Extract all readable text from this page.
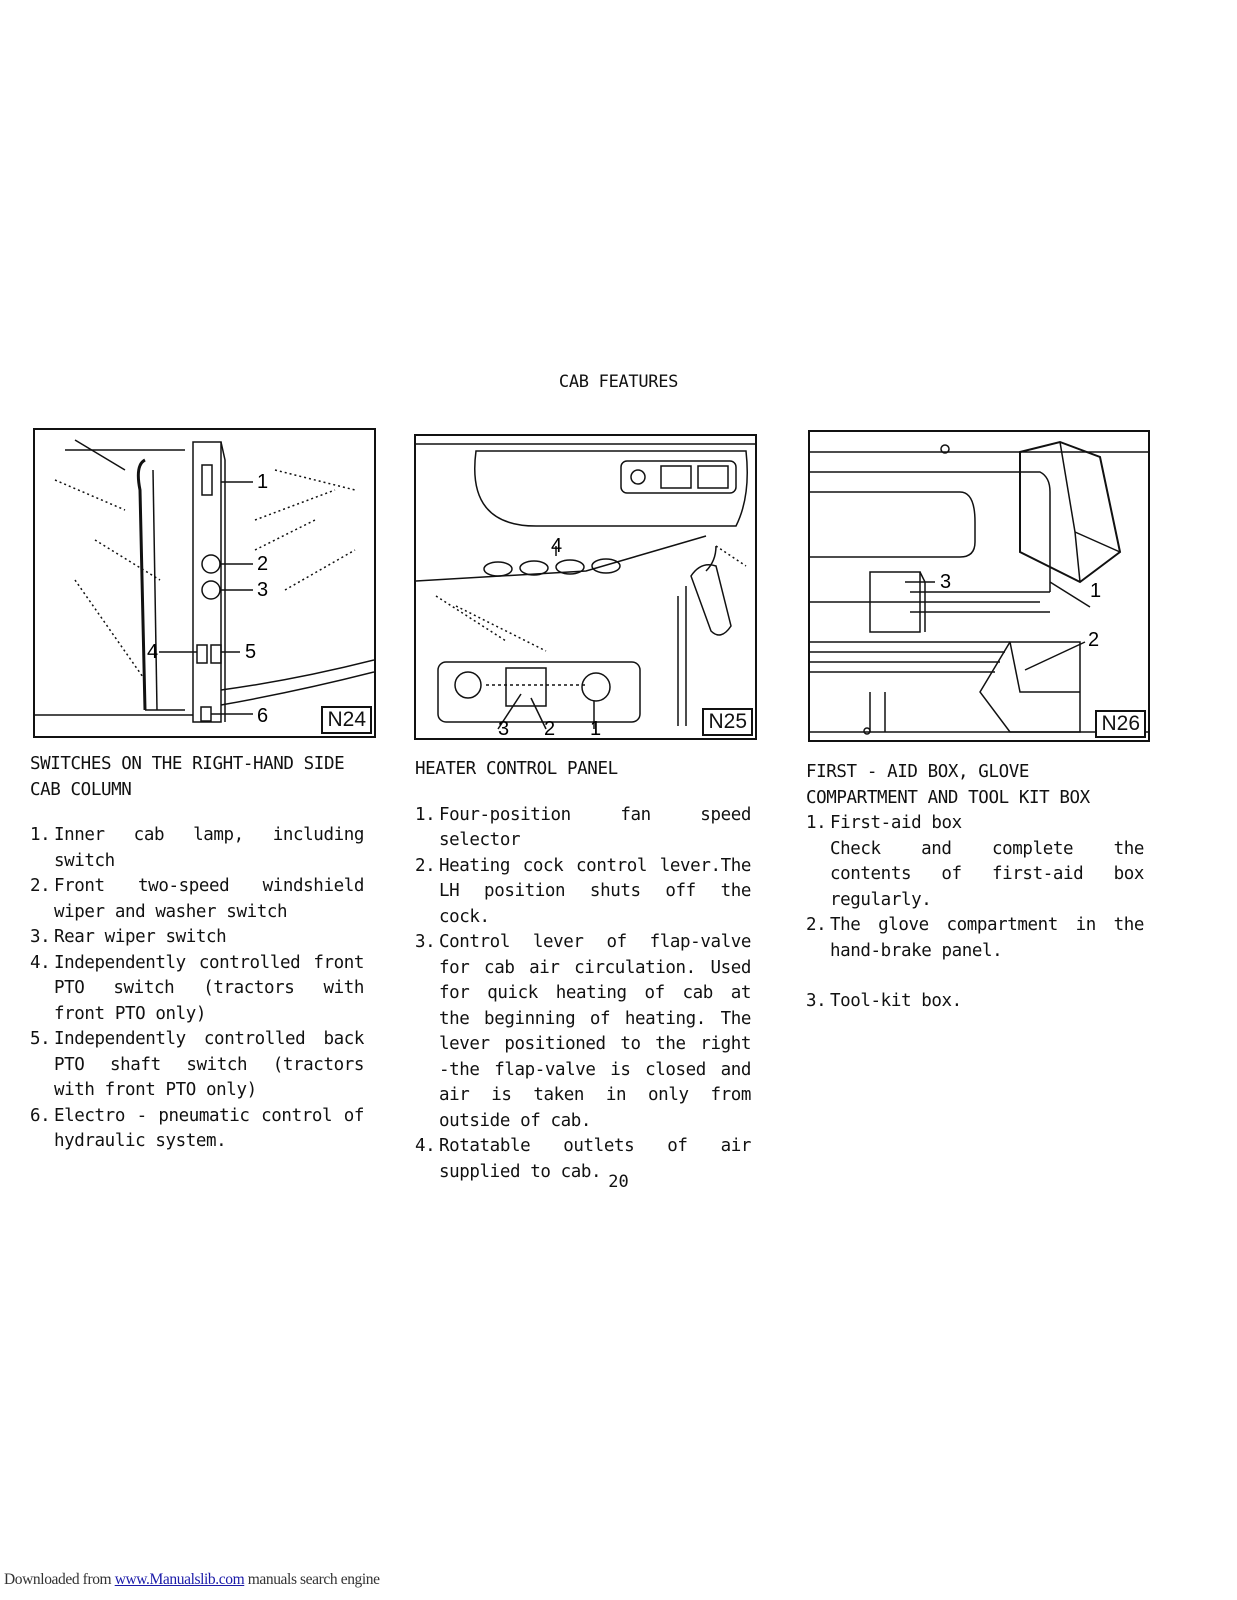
CAB FEATURES
1
2
3
4	5
6	N24
4
3 2 1	N25
1
2
3
N26

SWITCHES ON THE RIGHT-HAND SIDE CAB COLUMN

1. Inner cab lamp, including switch
2. Front two-speed windshield wiper and washer switch
3. Rear wiper switch
4. Independently controlled front PTO switch (tractors with front PTO only)
5. Independently controlled back PTO shaft switch (tractors with front PTO only)
6. Electro - pneumatic control of hydraulic system.

HEATER CONTROL PANEL

1. Four-position fan speed selector
2. Heating cock control lever.The LH position shuts off the cock.
3. Control lever of flap-valve for cab air circulation. Used for quick heating of cab at the beginning of heating. The lever positioned to the right -the flap-valve is closed and air is taken in only from outside of cab.
4. Rotatable outlets of air supplied to cab.

FIRST - AID BOX, GLOVE COMPARTMENT AND TOOL KIT BOX

1. First-aid box
Check and complete the contents of first-aid box regularly.
2. The glove compartment in the hand-brake panel.
3. Tool-kit box.
20
Downloaded from www.Manualslib.com manuals search engine
